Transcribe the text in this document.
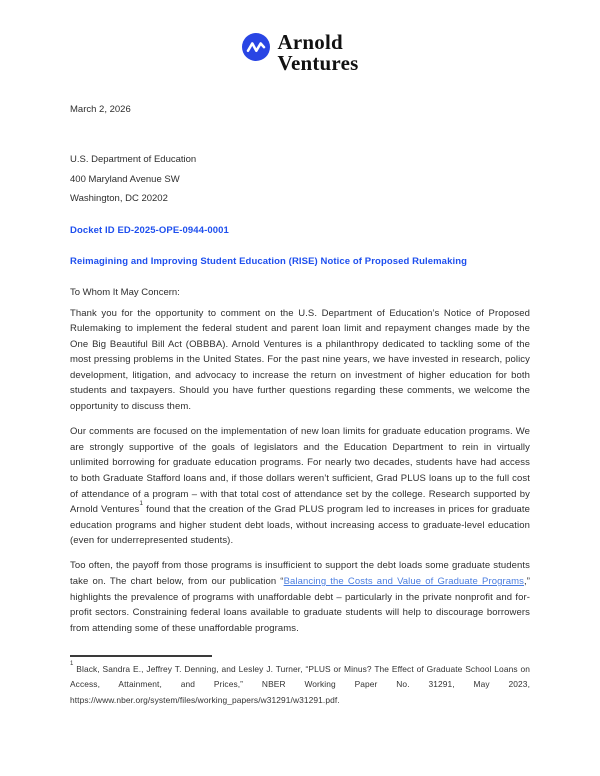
Arnold
Ventures
March 2, 2026
U.S. Department of Education
400 Maryland Avenue SW
Washington, DC 20202
Docket ID ED-2025-OPE-0944-0001
Reimagining and Improving Student Education (RISE) Notice of Proposed Rulemaking
To Whom It May Concern:

Thank you for the opportunity to comment on the U.S. Department of Education’s Notice of Proposed Rulemaking to implement the federal student and parent loan limit and repayment changes made by the One Big Beautiful Bill Act (OBBBA). Arnold Ventures is a philanthropy dedicated to tackling some of the most pressing problems in the United States. For the past nine years, we have invested in research, policy development, litigation, and advocacy to increase the return on investment of higher education for both students and taxpayers. Should you have further questions regarding these comments, we welcome the opportunity to discuss them.

Our comments are focused on the implementation of new loan limits for graduate education programs. We are strongly supportive of the goals of legislators and the Education Department to rein in virtually unlimited borrowing for graduate education programs. For nearly two decades, students have had access to both Graduate Stafford loans and, if those dollars weren’t sufficient, Grad PLUS loans up to the full cost of attendance of a program – with that total cost of attendance set by the college. Research supported by Arnold Ventures$^1$ found that the creation of the Grad PLUS program led to increases in prices for graduate education programs and higher student debt loads, without increasing access to graduate-level education (even for underrepresented students).

Too often, the payoff from those programs is insufficient to support the debt loads some graduate students take on. The chart below, from our publication “Balancing the Costs and Value of Graduate Programs,” highlights the prevalence of programs with unaffordable debt – particularly in the private nonprofit and for-profit sectors. Constraining federal loans available to graduate students will help to discourage borrowers from attending some of these unaffordable programs.

$^1$ Black, Sandra E., Jeffrey T. Denning, and Lesley J. Turner, “PLUS or Minus? The Effect of Graduate School Loans on Access, Attainment, and Prices,” NBER Working Paper No. 31291, May 2023, https://www.nber.org/system/files/working_papers/w31291/w31291.pdf.
